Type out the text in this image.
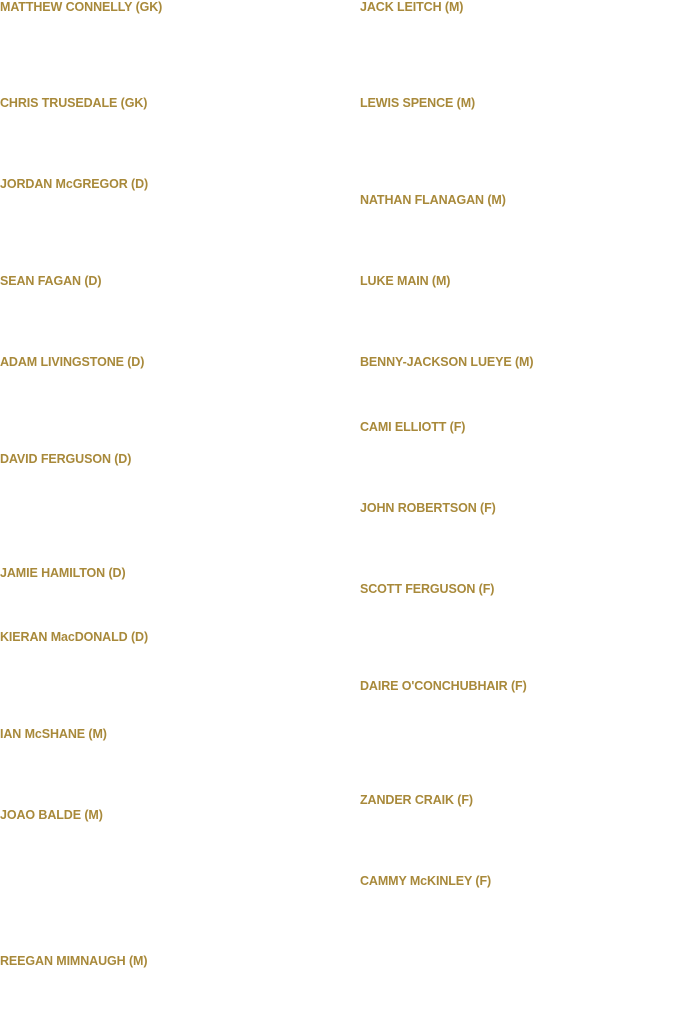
MATTHEW CONNELLY (GK)

CHRIS TRUSEDALE (GK)

JORDAN McGREGOR (D)

SEAN FAGAN (D)

ADAM LIVINGSTONE (D)

DAVID FERGUSON (D)

JAMIE HAMILTON (D)

KIERAN MacDONALD (D)

IAN McSHANE (M)

JOAO BALDE (M)

REEGAN MIMNAUGH (M)

JACK LEITCH (M)

LEWIS SPENCE (M)

NATHAN FLANAGAN (M)

LUKE MAIN (M)

BENNY-JACKSON LUEYE (M)

CAMI ELLIOTT (F)

JOHN ROBERTSON (F)

SCOTT FERGUSON (F)

DAIRE O'CONCHUBHAIR (F)

ZANDER CRAIK (F)

CAMMY McKINLEY (F)
